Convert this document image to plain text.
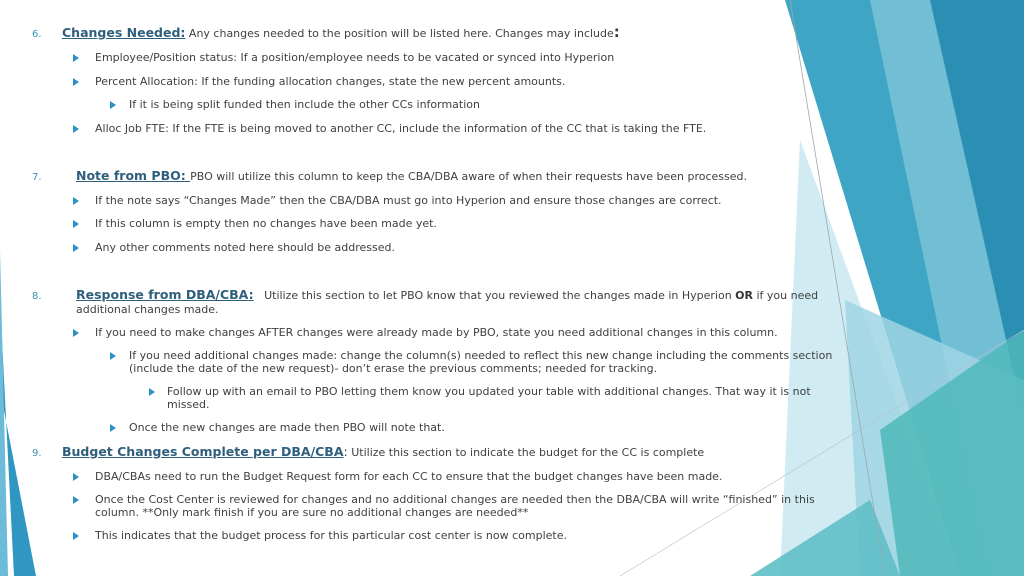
6. Changes Needed: Any changes needed to the position will be listed here. Changes may include:
Employee/Position status: If a position/employee needs to be vacated or synced into Hyperion
Percent Allocation: If the funding allocation changes, state the new percent amounts.
If it is being split funded then include the other CCs information
Alloc Job FTE: If the FTE is being moved to another CC, include the information of the CC that is taking the FTE.
7.	Note from PBO: PBO will utilize this column to keep the CBA/DBA aware of when their requests have been processed.
If the note says “Changes Made” then the CBA/DBA must go into Hyperion and ensure those changes are correct.
If this column is empty then no changes have been made yet.
Any other comments noted here should be addressed.
8.	Response from DBA/CBA: Utilize this section to let PBO know that you reviewed the changes made in Hyperion OR if you need
additional changes made.
If you need to make changes AFTER changes were already made by PBO, state you need additional changes in this column.
If you need additional changes made: change the column(s) needed to reflect this new change including the comments section
(include the date of the new request)- don’t erase the previous comments; needed for tracking.
Follow up with an email to PBO letting them know you updated your table with additional changes. That way it is not
missed.
Once the new changes are made then PBO will note that.
9. Budget Changes Complete per DBA/CBA: Utilize this section to indicate the budget for the CC is complete
DBA/CBAs need to run the Budget Request form for each CC to ensure that the budget changes have been made.
Once the Cost Center is reviewed for changes and no additional changes are needed then the DBA/CBA will write “finished” in this
column. **Only mark finish if you are sure no additional changes are needed**
This indicates that the budget process for this particular cost center is now complete.
